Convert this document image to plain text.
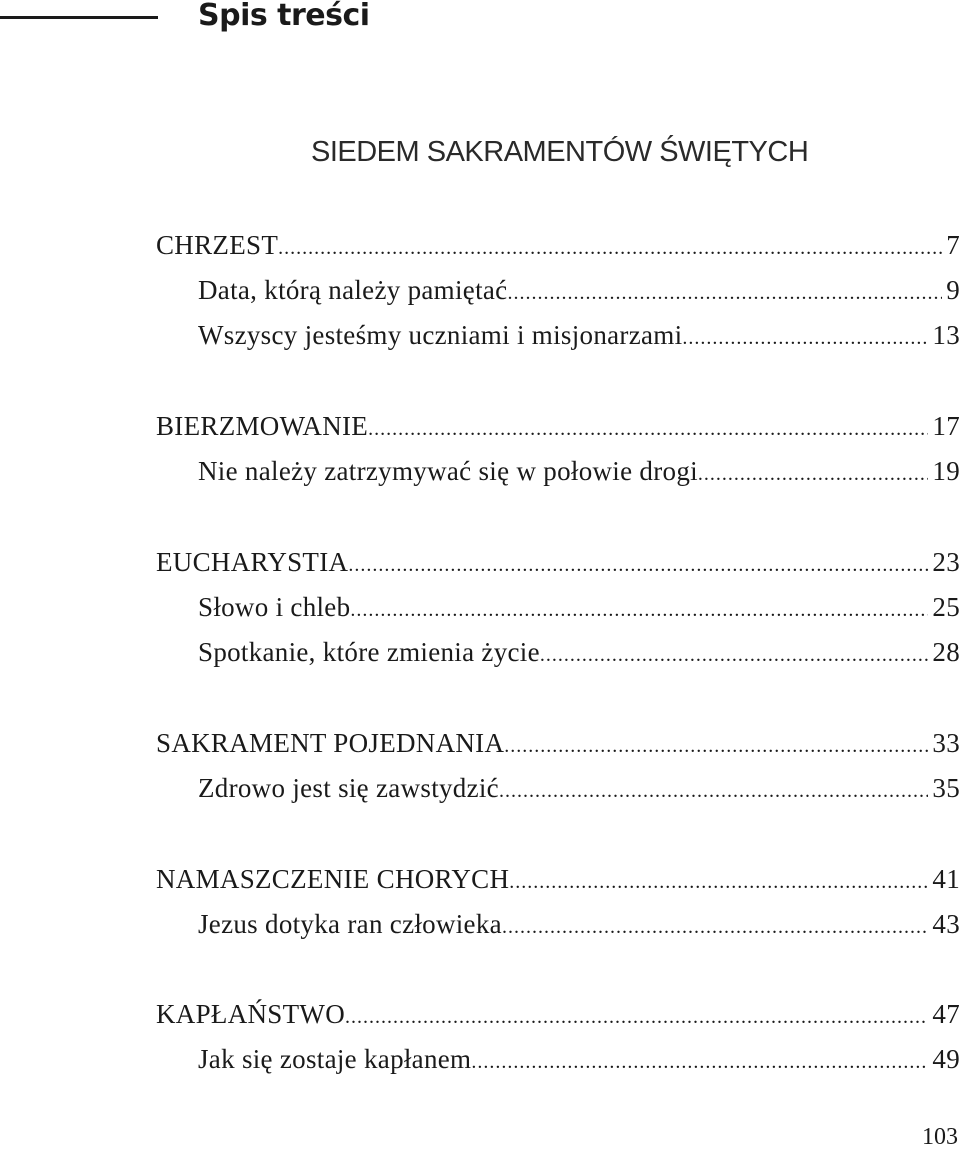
Spis treści
SIEDEM SAKRAMENTÓW ŚWIĘTYCH
CHRZEST .....	7
Data, którą należy pamiętać .....	9
Wszyscy jesteśmy uczniami i misjonarzami .....	13
BIERZMOWANIE .....	17
Nie należy zatrzymywać się w połowie drogi .....	19
EUCHARYSTIA .....	23
Słowo i chleb .....	25
Spotkanie, które zmienia życie .....	28
SAKRAMENT POJEDNANIA .....	33
Zdrowo jest się zawstydzić .....	35
NAMASZCZENIE CHORYCH .....	41
Jezus dotyka ran człowieka .....	43
KAPŁAŃSTWO .....	47
Jak się zostaje kapłanem .....	49
103
